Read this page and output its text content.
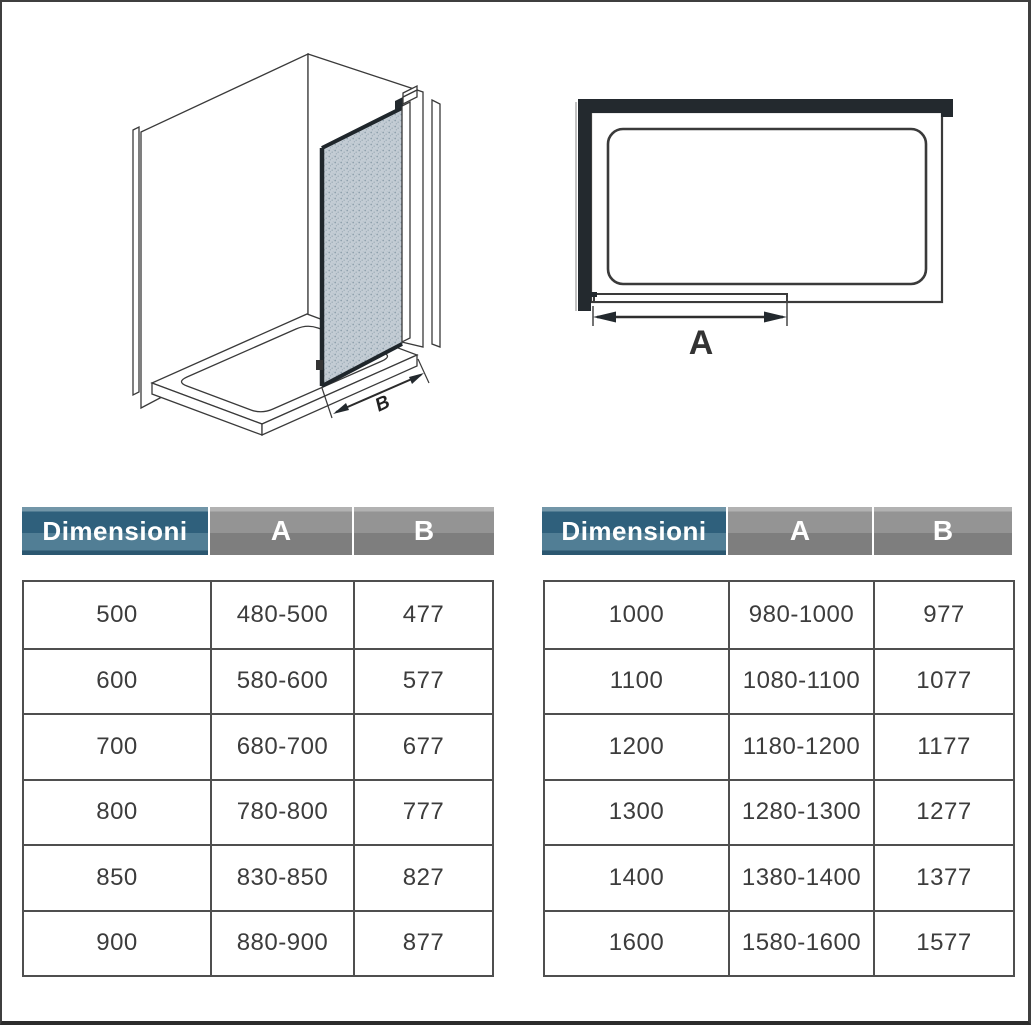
B
A
Dimensioni	A	B
500	480-500	477
600	580-600	577
700	680-700	677
800	780-800	777
850	830-850	827
900	880-900	877
Dimensioni	A	B
1000	980-1000	977
1100	1080-1100	1077
1200	1180-1200	1177
1300	1280-1300	1277
1400	1380-1400	1377
1600	1580-1600	1577
